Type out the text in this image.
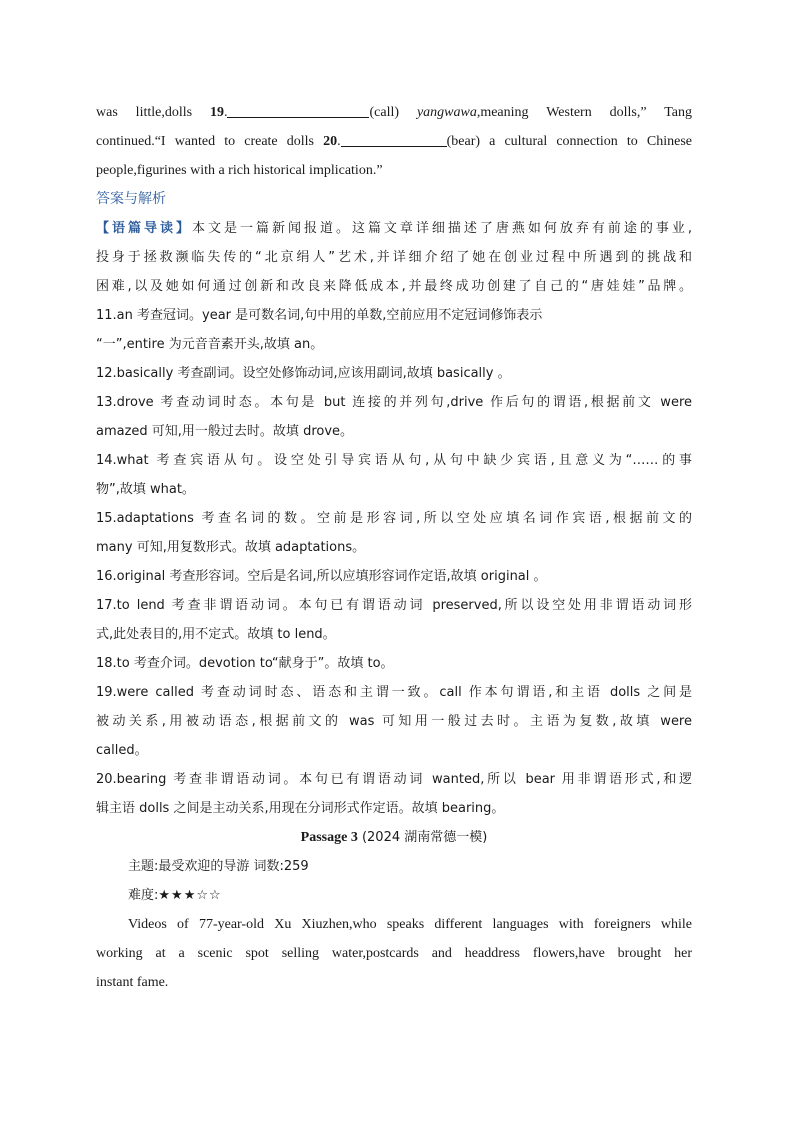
was little,dolls 19.	(call) yangwawa,meaning Western dolls,” Tang
continued.“I wanted to create dolls 20.	(bear) a cultural connection to Chinese
people,figurines with a rich historical implication.”
答案与解析
【语篇导读】本文是一篇新闻报道。这篇文章详细描述了唐燕如何放弃有前途的事业,
投身于拯救濒临失传的“北京绢人”艺术,并详细介绍了她在创业过程中所遇到的挑战和
困难,以及她如何通过创新和改良来降低成本,并最终成功创建了自己的“唐娃娃”品牌。
11.an 考查冠词。year 是可数名词,句中用的单数,空前应用不定冠词修饰表示
“一”,entire 为元音音素开头,故填 an。
12.basically 考查副词。设空处修饰动词,应该用副词,故填 basically 。
13.drove 考查动词时态。本句是 but 连接的并列句,drive 作后句的谓语,根据前文 were
amazed 可知,用一般过去时。故填 drove。
14.what 考查宾语从句。设空处引导宾语从句,从句中缺少宾语,且意义为“……的事
物”,故填 what。
15.adaptations 考查名词的数。空前是形容词,所以空处应填名词作宾语,根据前文的
many 可知,用复数形式。故填 adaptations。
16.original 考查形容词。空后是名词,所以应填形容词作定语,故填 original 。
17.to lend 考查非谓语动词。本句已有谓语动词 preserved,所以设空处用非谓语动词形
式,此处表目的,用不定式。故填 to lend。
18.to 考查介词。devotion to“献身于”。故填 to。
19.were called 考查动词时态、语态和主谓一致。call 作本句谓语,和主语 dolls 之间是
被动关系,用被动语态,根据前文的 was 可知用一般过去时。主语为复数,故填 were
called。
20.bearing 考查非谓语动词。本句已有谓语动词 wanted,所以 bear 用非谓语形式,和逻
辑主语 dolls 之间是主动关系,用现在分词形式作定语。故填 bearing。
Passage 3 (2024 湖南常德一模)
主题:最受欢迎的导游 词数:259
难度:★★★☆☆
Videos of 77-year-old Xu Xiuzhen,who speaks different languages with foreigners while
working at a scenic spot selling water,postcards and headdress flowers,have brought her
instant fame.
